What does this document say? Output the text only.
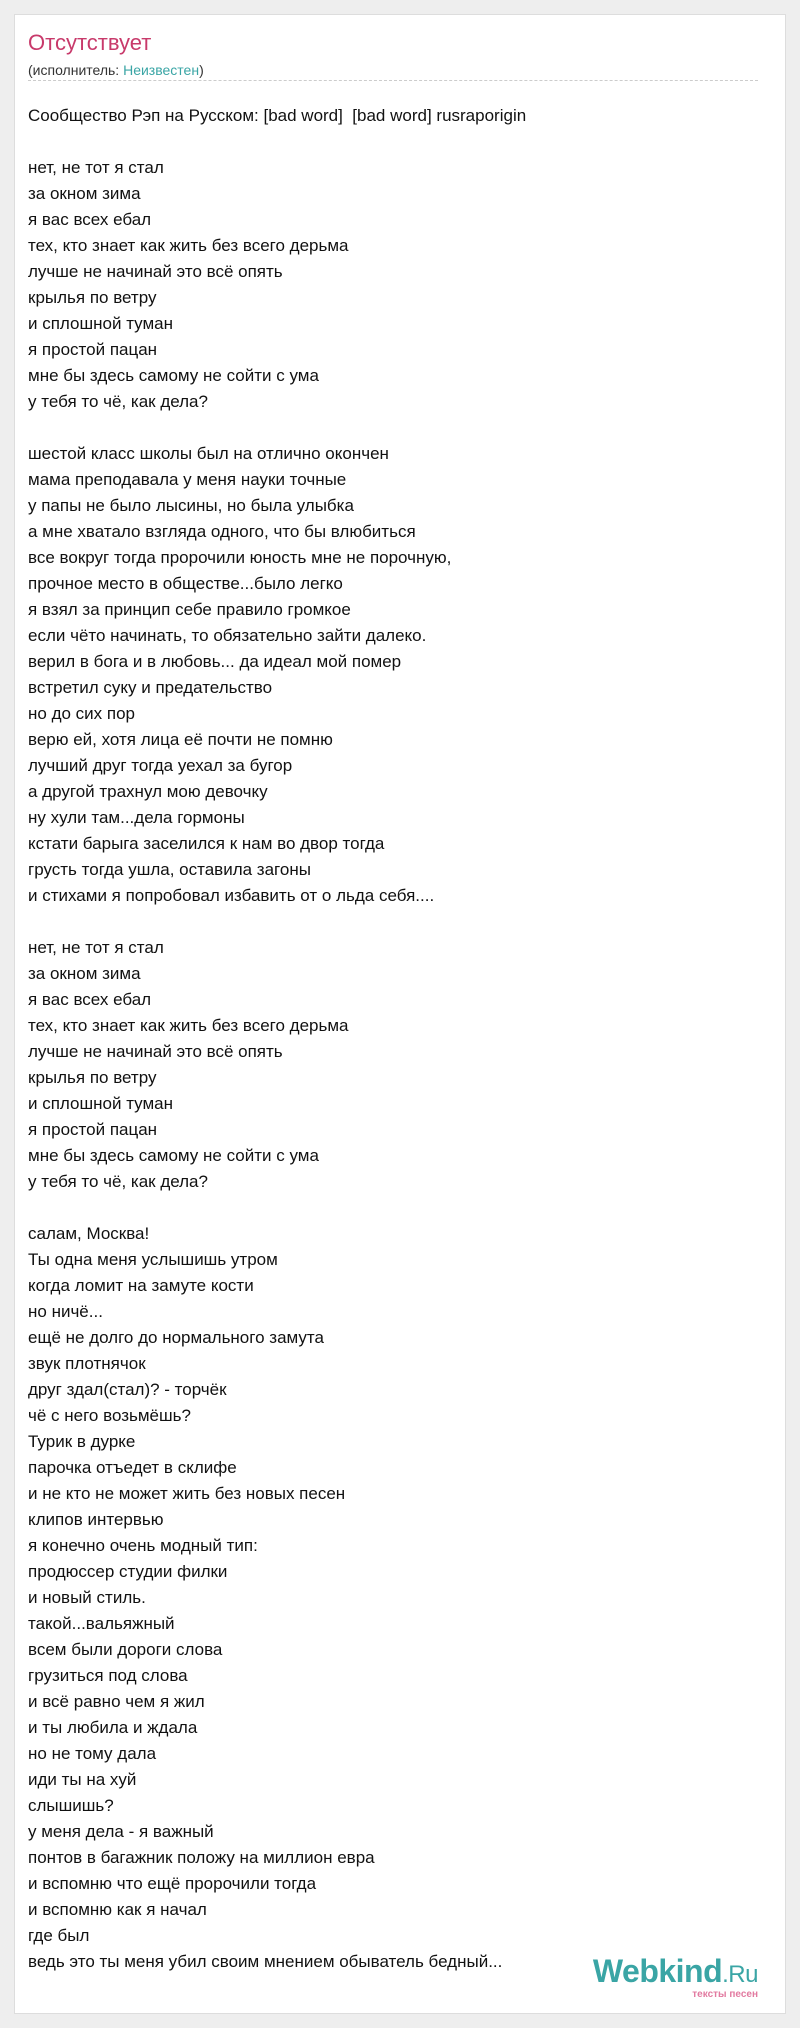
Отсутствует
(исполнитель: Неизвестен)
Сообщество Рэп на Русском: [bad word]  [bad word] rusraporigin

нет, не тот я стал
за окном зима
я вас всех ебал
тех, кто знает как жить без всего дерьма
лучше не начинай это всё опять
крылья по ветру
и сплошной туман
я простой пацан
мне бы здесь самому не сойти с ума
у тебя то чё, как дела?

шестой класс школы был на отлично окончен
мама преподавала у меня науки точные
у папы не было лысины, но была улыбка
а мне хватало взгляда одного, что бы влюбиться
все вокруг тогда пророчили юность мне не порочную,
прочное место в обществе...было легко
я взял за принцип себе правило громкое
если чёто начинать, то обязательно зайти далеко.
верил в бога и в любовь... да идеал мой помер
встретил суку и предательство
но до сих пор
верю ей, хотя лица её почти не помню
лучший друг тогда уехал за бугор
а другой трахнул мою девочку
ну хули там...дела гормоны
кстати барыга заселился к нам во двор тогда
грусть тогда ушла, оставила загоны
и стихами я попробовал избавить от о льда себя....

нет, не тот я стал
за окном зима
я вас всех ебал
тех, кто знает как жить без всего дерьма
лучше не начинай это всё опять
крылья по ветру
и сплошной туман
я простой пацан
мне бы здесь самому не сойти с ума
у тебя то чё, как дела?

салам, Москва!
Ты одна меня услышишь утром
когда ломит на замуте кости
но ничё...
ещё не долго до нормального замута
звук плотнячок
друг здал(стал)? - торчёк
чё с него возьмёшь?
Турик в дурке
парочка отъедет в склифе
и не кто не может жить без новых песен
клипов интервью
я конечно очень модный тип:
продюссер студии филки
и новый стиль.
такой...вальяжный
всем были дороги слова
грузиться под слова
и всё равно чем я жил
и ты любила и ждала
но не тому дала
иди ты на хуй
слышишь?
у меня дела - я важный
понтов в багажник положу на миллион евра
и вспомню что ещё пророчили тогда
и вспомню как я начал
где был
ведь это ты меня убил своим мнением обыватель бедный...	Webkind.Ru
тексты песен
